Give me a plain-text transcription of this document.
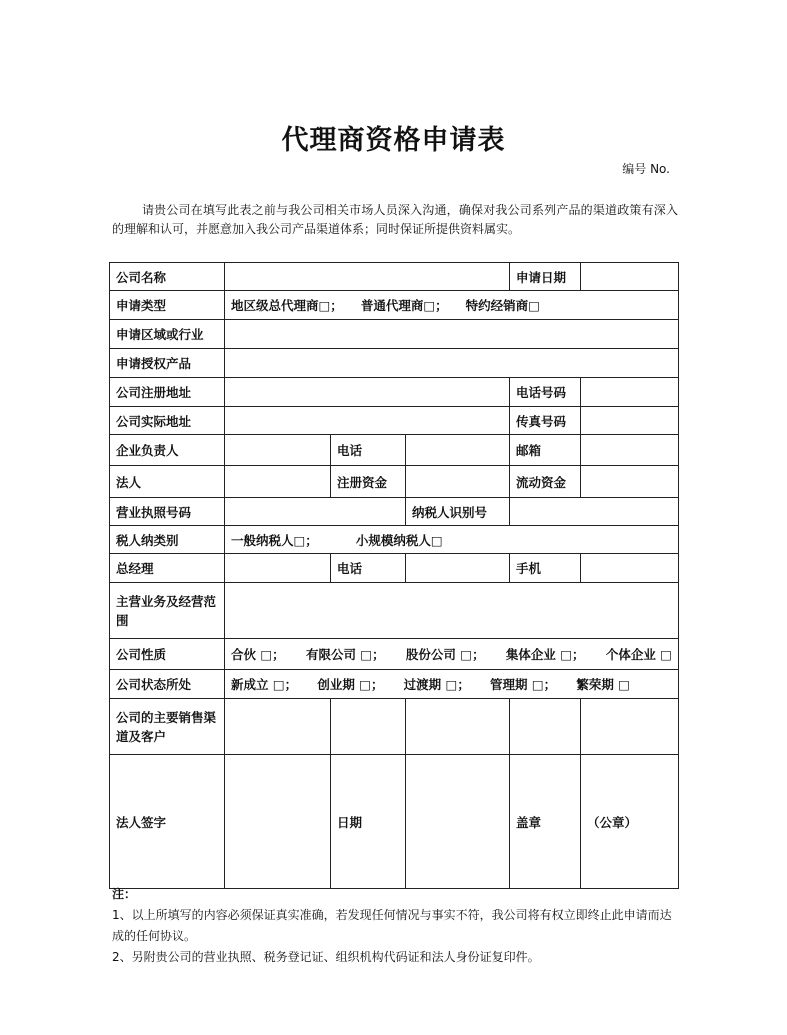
代理商资格申请表
编号 No.
请贵公司在填写此表之前与我公司相关市场人员深入沟通，确保对我公司系列产品的渠道政策有深入的理解和认可，并愿意加入我公司产品渠道体系；同时保证所提供资料属实。
公司名称				申请日期	
申请类型	地区级总代理商□； 普通代理商□； 特约经销商□				

申请区域或行业					
申请授权产品					
公司注册地址				电话号码	
公司实际地址				传真号码	
企业负责人		电话		邮箱	
法人		注册资金		流动资金	
营业执照号码			纳税人识别号		
税人纳类别	一般纳税人□； 小规模纳税人□				

总经理		电话		手机	
主营业务及经营范围					
公司性质	合伙 □； 有限公司 □； 股份公司 □； 集体企业 □； 个体企业 □				

公司状态所处	新成立 □； 创业期 □； 过渡期 □； 管理期 □； 繁荣期 □				

公司的主要销售渠道及客户					
法人签字		日期		盖章	（公章）
注：
1、以上所填写的内容必须保证真实准确，若发现任何情况与事实不符，我公司将有权立即终止此申请而达成的任何协议。
2、另附贵公司的营业执照、税务登记证、组织机构代码证和法人身份证复印件。
